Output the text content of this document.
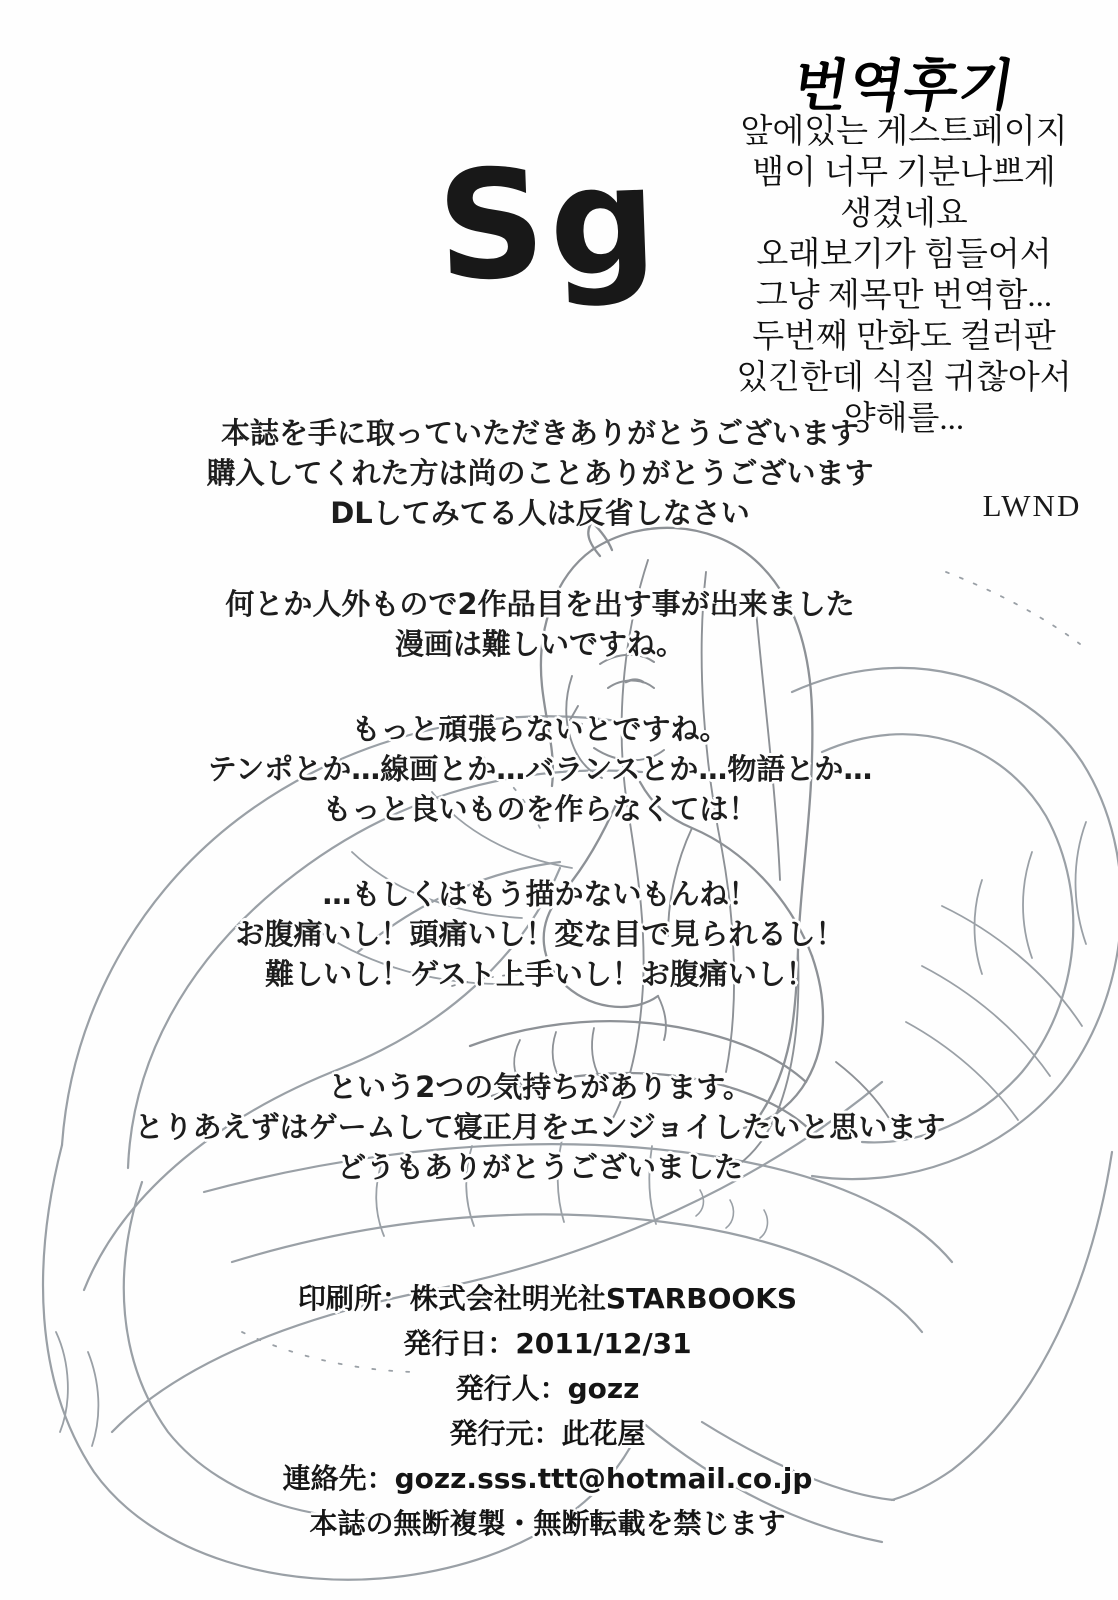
Sg
번역후기
앞에있는 게스트페이지
뱀이 너무 기분나쁘게
생겼네요
오래보기가 힘들어서
그냥 제목만 번역함...
두번째 만화도 컬러판
있긴한데 식질 귀찮아서
양해를...
LWND
本誌を手に取っていただきありがとうございます
購入してくれた方は尚のことありがとうございます
DLしてみてる人は反省しなさい
何とか人外もので2作品目を出す事が出来ました
漫画は難しいですね。
もっと頑張らないとですね。
テンポとか…線画とか…バランスとか…物語とか…
もっと良いものを作らなくては！
…もしくはもう描かないもんね！
お腹痛いし！頭痛いし！変な目で見られるし！
難しいし！ゲスト上手いし！お腹痛いし！
という2つの気持ちがあります。
とりあえずはゲームして寝正月をエンジョイしたいと思います
どうもありがとうございました
印刷所：株式会社明光社STARBOOKS
発行日：2011/12/31
発行人：gozz
発行元：此花屋
連絡先：gozz.sss.ttt@hotmail.co.jp
本誌の無断複製・無断転載を禁じます
